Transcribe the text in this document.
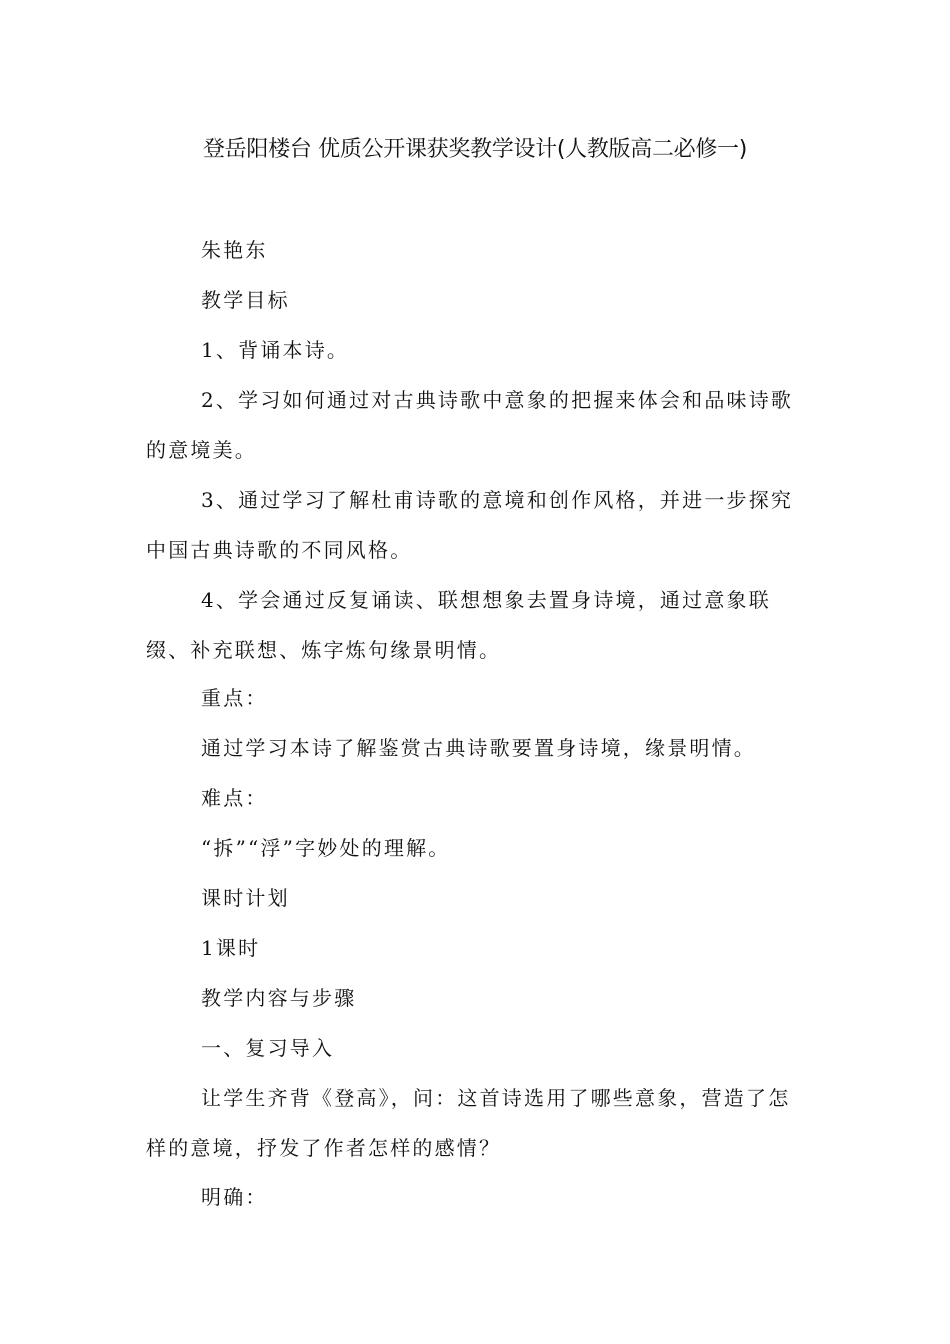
登岳阳楼台 优质公开课获奖教学设计(人教版高二必修一)
朱艳东
教学目标
1、背诵本诗。
2、学习如何通过对古典诗歌中意象的把握来体会和品味诗歌的意境美。
3、通过学习了解杜甫诗歌的意境和创作风格，并进一步探究中国古典诗歌的不同风格。
4、学会通过反复诵读、联想想象去置身诗境，通过意象联缀、补充联想、炼字炼句缘景明情。
重点：
通过学习本诗了解鉴赏古典诗歌要置身诗境，缘景明情。
难点：
“拆”“浮”字妙处的理解。
课时计划
1课时
教学内容与步骤
一、复习导入
让学生齐背《登高》，问：这首诗选用了哪些意象，营造了怎样的意境，抒发了作者怎样的感情？
明确：
